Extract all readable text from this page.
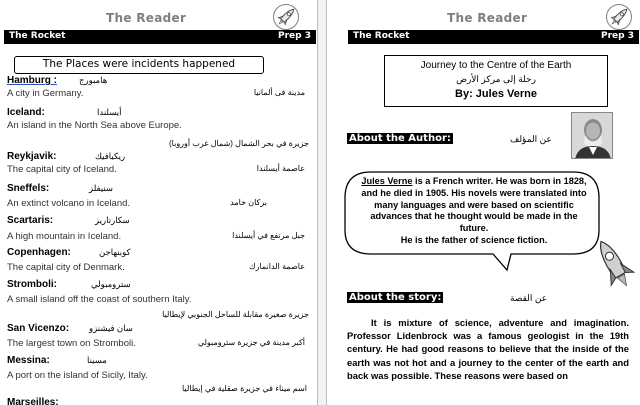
The Reader
The Rocket	Prep 3
The Places were incidents happened
Hamburg :	هامبورج
A city in Germany.	مدينة فى ألمانيا
Iceland:	أيسلندا
An island in the North Sea above Europe.
جزيرة في بحر الشمال (شمال غرب أوروبا)
Reykjavik:	ريكيافيك
The capital city of Iceland.	عاصمة أيسلندا
Sneffels:	سنيفلز
An extinct volcano in Iceland.	بركان خامد
Scartaris:	سكارتاريز
A high mountain in Iceland.	جبل مرتفع في أيسلندا
Copenhagen:	كوبنهاجن
The capital city of Denmark.	عاصمة الدانمارك
Stromboli:	سترومبولي
A small island off the coast of southern Italy.
جزيرة صغيرة مقابلة للساحل الجنوبي لإيطاليا
San Vicenzo: سان فيشنزو
The largest town on Stromboli.	أكبر مدينة في جزيرة سترومبولي
Messina:	مسينا
A port on the island of Sicily, Italy.
اسم ميناء في جزيرة صقلية في إيطاليا
Marseilles:
The Reader
The Rocket	Prep 3
Journey to the Centre of the Earth
رحلة إلى مركز الأرض
By: Jules Verne
About the Author:	عن المؤلف
Jules Verne is a French writer. He was born in 1828, and he died in 1905. His novels were translated into many languages and were based on scientific advances that he thought would be made in the future.
He is the father of science fiction.
About the story:	عن القصة
It is mixture of science, adventure and imagination. Professor Lidenbrock was a famous geologist in the 19th century. He had good reasons to believe that the inside of the earth was not hot and a journey to the center of the earth and back was possible. These reasons were based on
